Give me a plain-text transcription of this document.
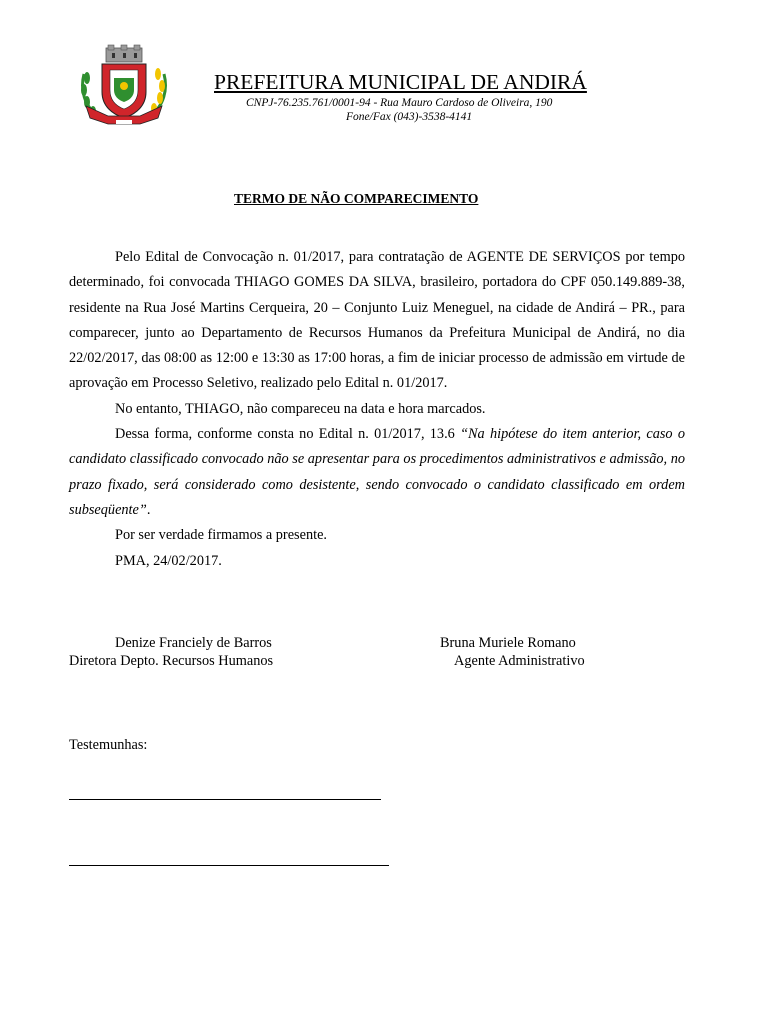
PREFEITURA MUNICIPAL DE ANDIRÁ
CNPJ-76.235.761/0001-94 - Rua Mauro Cardoso de Oliveira, 190
Fone/Fax (043)-3538-4141
TERMO DE NÃO COMPARECIMENTO

Pelo Edital de Convocação n. 01/2017, para contratação de AGENTE DE SERVIÇOS por tempo determinado, foi convocada THIAGO GOMES DA SILVA, brasileiro, portadora do CPF 050.149.889-38, residente na Rua José Martins Cerqueira, 20 – Conjunto Luiz Meneguel, na cidade de Andirá – PR., para comparecer, junto ao Departamento de Recursos Humanos da Prefeitura Municipal de Andirá, no dia 22/02/2017, das 08:00 as 12:00 e 13:30 as 17:00 horas, a fim de iniciar processo de admissão em virtude de aprovação em Processo Seletivo, realizado pelo Edital n. 01/2017.

No entanto, THIAGO, não compareceu na data e hora marcados.

Dessa forma, conforme consta no Edital n. 01/2017, 13.6 “Na hipótese do item anterior, caso o candidato classificado convocado não se apresentar para os procedimentos administrativos e admissão, no prazo fixado, será considerado como desistente, sendo convocado o candidato classificado em ordem subseqüente”.

Por ser verdade firmamos a presente.

PMA, 24/02/2017.

Denize Franciely de Barros
Diretora Depto. Recursos Humanos
Bruna Muriele Romano
Agente Administrativo
Testemunhas:
